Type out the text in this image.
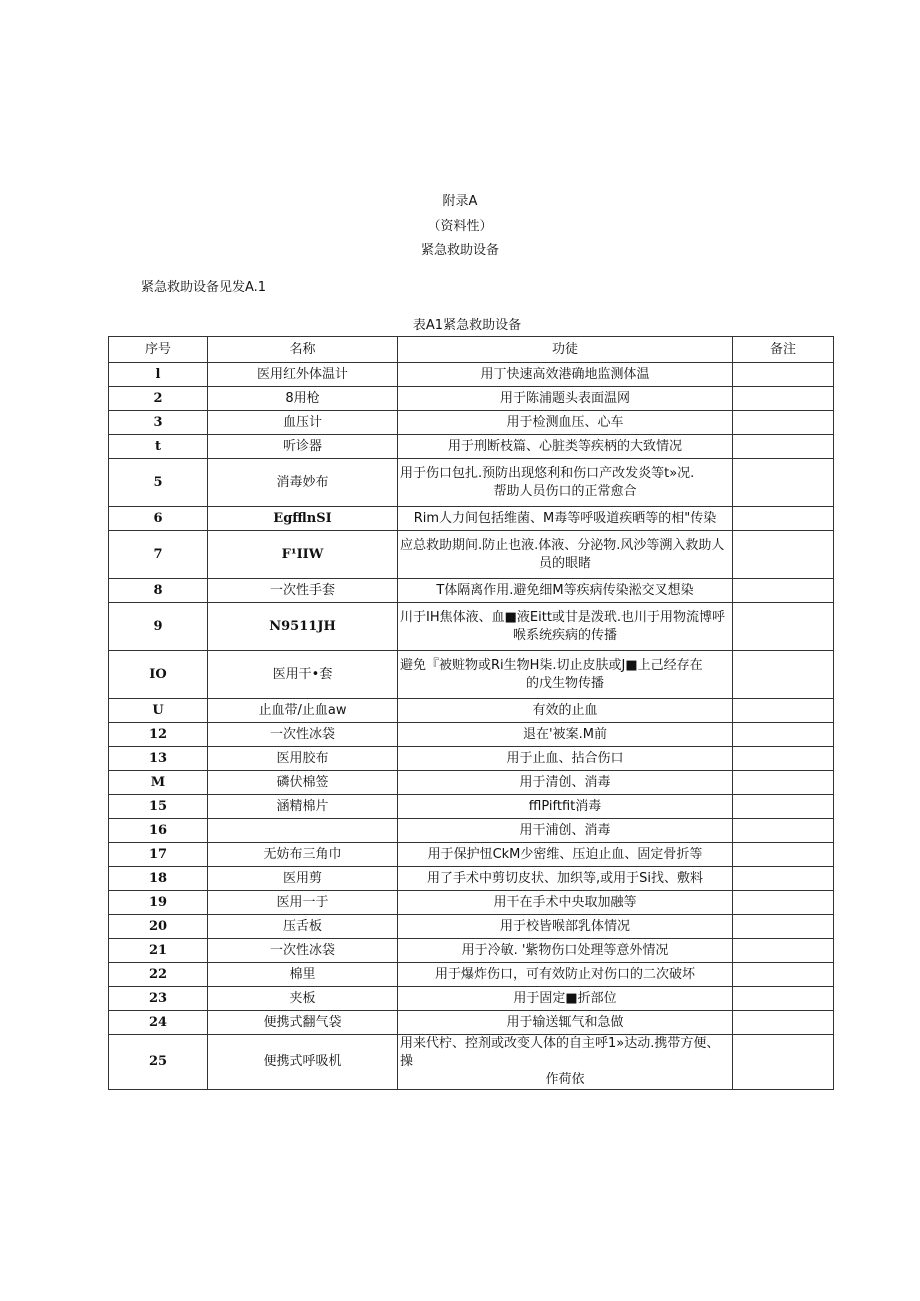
附录A
（资料性）
紧急救助设备
紧急救助设备见发A.1
表A1紧急救助设备
序号	名称	功徒	备注
l	医用红外体温计	用丁快速高效港确地监测体温	

2	8用枪	用于陈浦题头表面温网	

3	血压计	用于检测血压、心车	

t	听诊器	用于刑断枝篇、心脏类等疾柄的大致情况	

5	消毒妙布	用于伤口包扎.预防出现悠利和伤口产改发炎等t»况.
帮助人员伤口的正常愈合	

6	EgfflnSI	Rim人力间包括维菌、M毒等呼吸道疾晒等的相"传染	

7	F¹IIW	应总救助期间.防止也液.体液、分泌物.风沙等溯入救助人
员的眼睹	

8	一次性手套	T体隔离作用.避免细M等疾病传染淞交叉想染	

9	N9511JH	川于IH焦体液、血■液Eitt或甘是泼玳.也川于用物流博呼
喉系统疾病的传播	

IO	医用干•套	避免『被赃物或Ri生物H柒.切止皮肤或J■上己经存在
的戊生物传播	

U	止血带/止血aw	有效的止血	

12	一次性冰袋	退在'被案.M前	

13	医用胶布	用于止血、拈合伤口	

M	磷伏棉签	用于清创、消毒	

15	涵精棉片	fflPiftfit消毒	

16		用干浦创、消毒	

17	无妨布三角巾	用于保护忸CkM少密维、压迫止血、固定骨折等	

18	医用剪	用了手术中剪切皮状、加织等,或用于Si找、敷料	

19	医用一于	用干在手术中央取加融等	

20	压舌板	用于校皆喉部乳体情况	

21	一次性冰袋	用于冷敏. '紫物伤口处理等意外情况	

22	棉里	用于爆炸伤口，可有效防止对伤口的二次破坏	

23	夹板	用于固定■折部位	

24	便携式翻气袋	用于输送辄气和急做	

25	便携式呼吸机	用来代柠、控剂或改变人体的自主呼1»达动.携带方便、操
作荷依	
